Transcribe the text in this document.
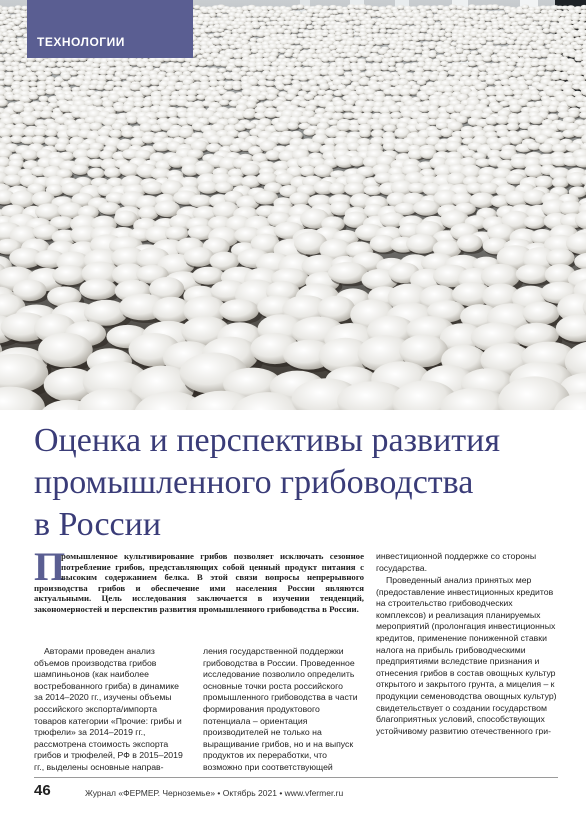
ТЕХНОЛОГИИ
Оценка и перспективы развития
промышленного грибоводства
в России
П

ромышленное культивирование грибов позволяет исключать сезонное потребление грибов, представляющих собой ценный продукт питания с высоким содержанием белка. В этой связи вопросы непрерывного производства грибов и обеспечение ими населения России являются актуальными. Цель исследования заключается в изучении тенденций, закономерностей и перспектив развития промышленного грибоводства в России.

Авторами проведен анализ объемов производства грибов шампиньонов (как наиболее востребованного гриба) в динамике за 2014–2020 гг., изучены объемы российского экспорта/импорта товаров категории «Прочие: грибы и трюфели» за 2014–2019 гг., рассмотрена стоимость экспорта грибов и трюфелей, РФ в 2015–2019 гг., выделены основные направ-

ления государственной поддержки грибоводства в России. Проведенное исследование позволило определить основные точки роста российского промышленного грибоводства в части формирования продуктового потенциала – ориентация производителей не только на выращивание грибов, но и на выпуск продуктов их переработки, что возможно при соответствующей

инвестиционной поддержке со стороны государства.

Проведенный анализ принятых мер (предоставление инвестиционных кредитов на строительство грибоводческих комплексов) и реализация планируемых мероприятий (пролонгация инвестиционных кредитов, применение пониженной ставки налога на прибыль грибоводческими предприятиями вследствие признания и отнесения грибов в состав овощных культур открытого и закрытого грунта, а мицелия – к продукции семеноводства овощных культур) свидетельствует о создании государством благоприятных условий, способствующих устойчивому развитию отечественного гри-

46	Журнал «ФЕРМЕР. Черноземье» • Октябрь 2021 • www.vfermer.ru
